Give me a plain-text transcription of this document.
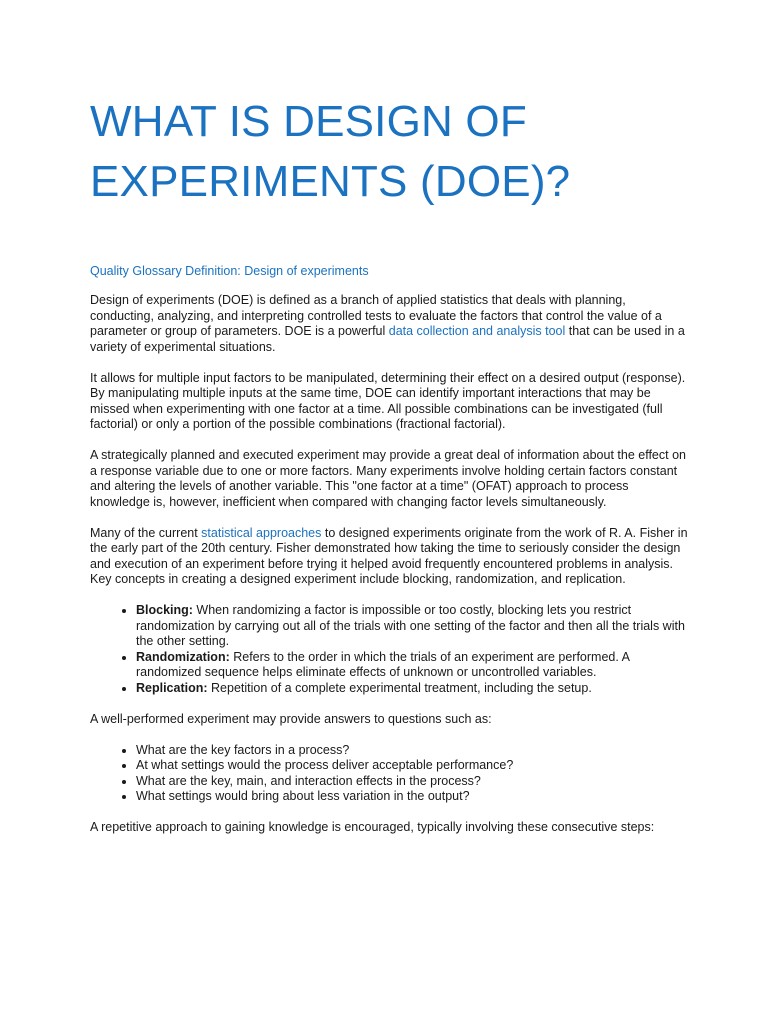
WHAT IS DESIGN OF EXPERIMENTS (DOE)?
Quality Glossary Definition: Design of experiments

Design of experiments (DOE) is defined as a branch of applied statistics that deals with planning, conducting, analyzing, and interpreting controlled tests to evaluate the factors that control the value of a parameter or group of parameters. DOE is a powerful data collection and analysis tool that can be used in a variety of experimental situations.

It allows for multiple input factors to be manipulated, determining their effect on a desired output (response). By manipulating multiple inputs at the same time, DOE can identify important interactions that may be missed when experimenting with one factor at a time. All possible combinations can be investigated (full factorial) or only a portion of the possible combinations (fractional factorial).

A strategically planned and executed experiment may provide a great deal of information about the effect on a response variable due to one or more factors. Many experiments involve holding certain factors constant and altering the levels of another variable. This "one factor at a time" (OFAT) approach to process knowledge is, however, inefficient when compared with changing factor levels simultaneously.

Many of the current statistical approaches to designed experiments originate from the work of R. A. Fisher in the early part of the 20th century. Fisher demonstrated how taking the time to seriously consider the design and execution of an experiment before trying it helped avoid frequently encountered problems in analysis. Key concepts in creating a designed experiment include blocking, randomization, and replication.

• Blocking: When randomizing a factor is impossible or too costly, blocking lets you restrict randomization by carrying out all of the trials with one setting of the factor and then all the trials with the other setting.
• Randomization: Refers to the order in which the trials of an experiment are performed. A randomized sequence helps eliminate effects of unknown or uncontrolled variables.
• Replication: Repetition of a complete experimental treatment, including the setup.

A well-performed experiment may provide answers to questions such as:

• What are the key factors in a process?
• At what settings would the process deliver acceptable performance?
• What are the key, main, and interaction effects in the process?
• What settings would bring about less variation in the output?

A repetitive approach to gaining knowledge is encouraged, typically involving these consecutive steps:
